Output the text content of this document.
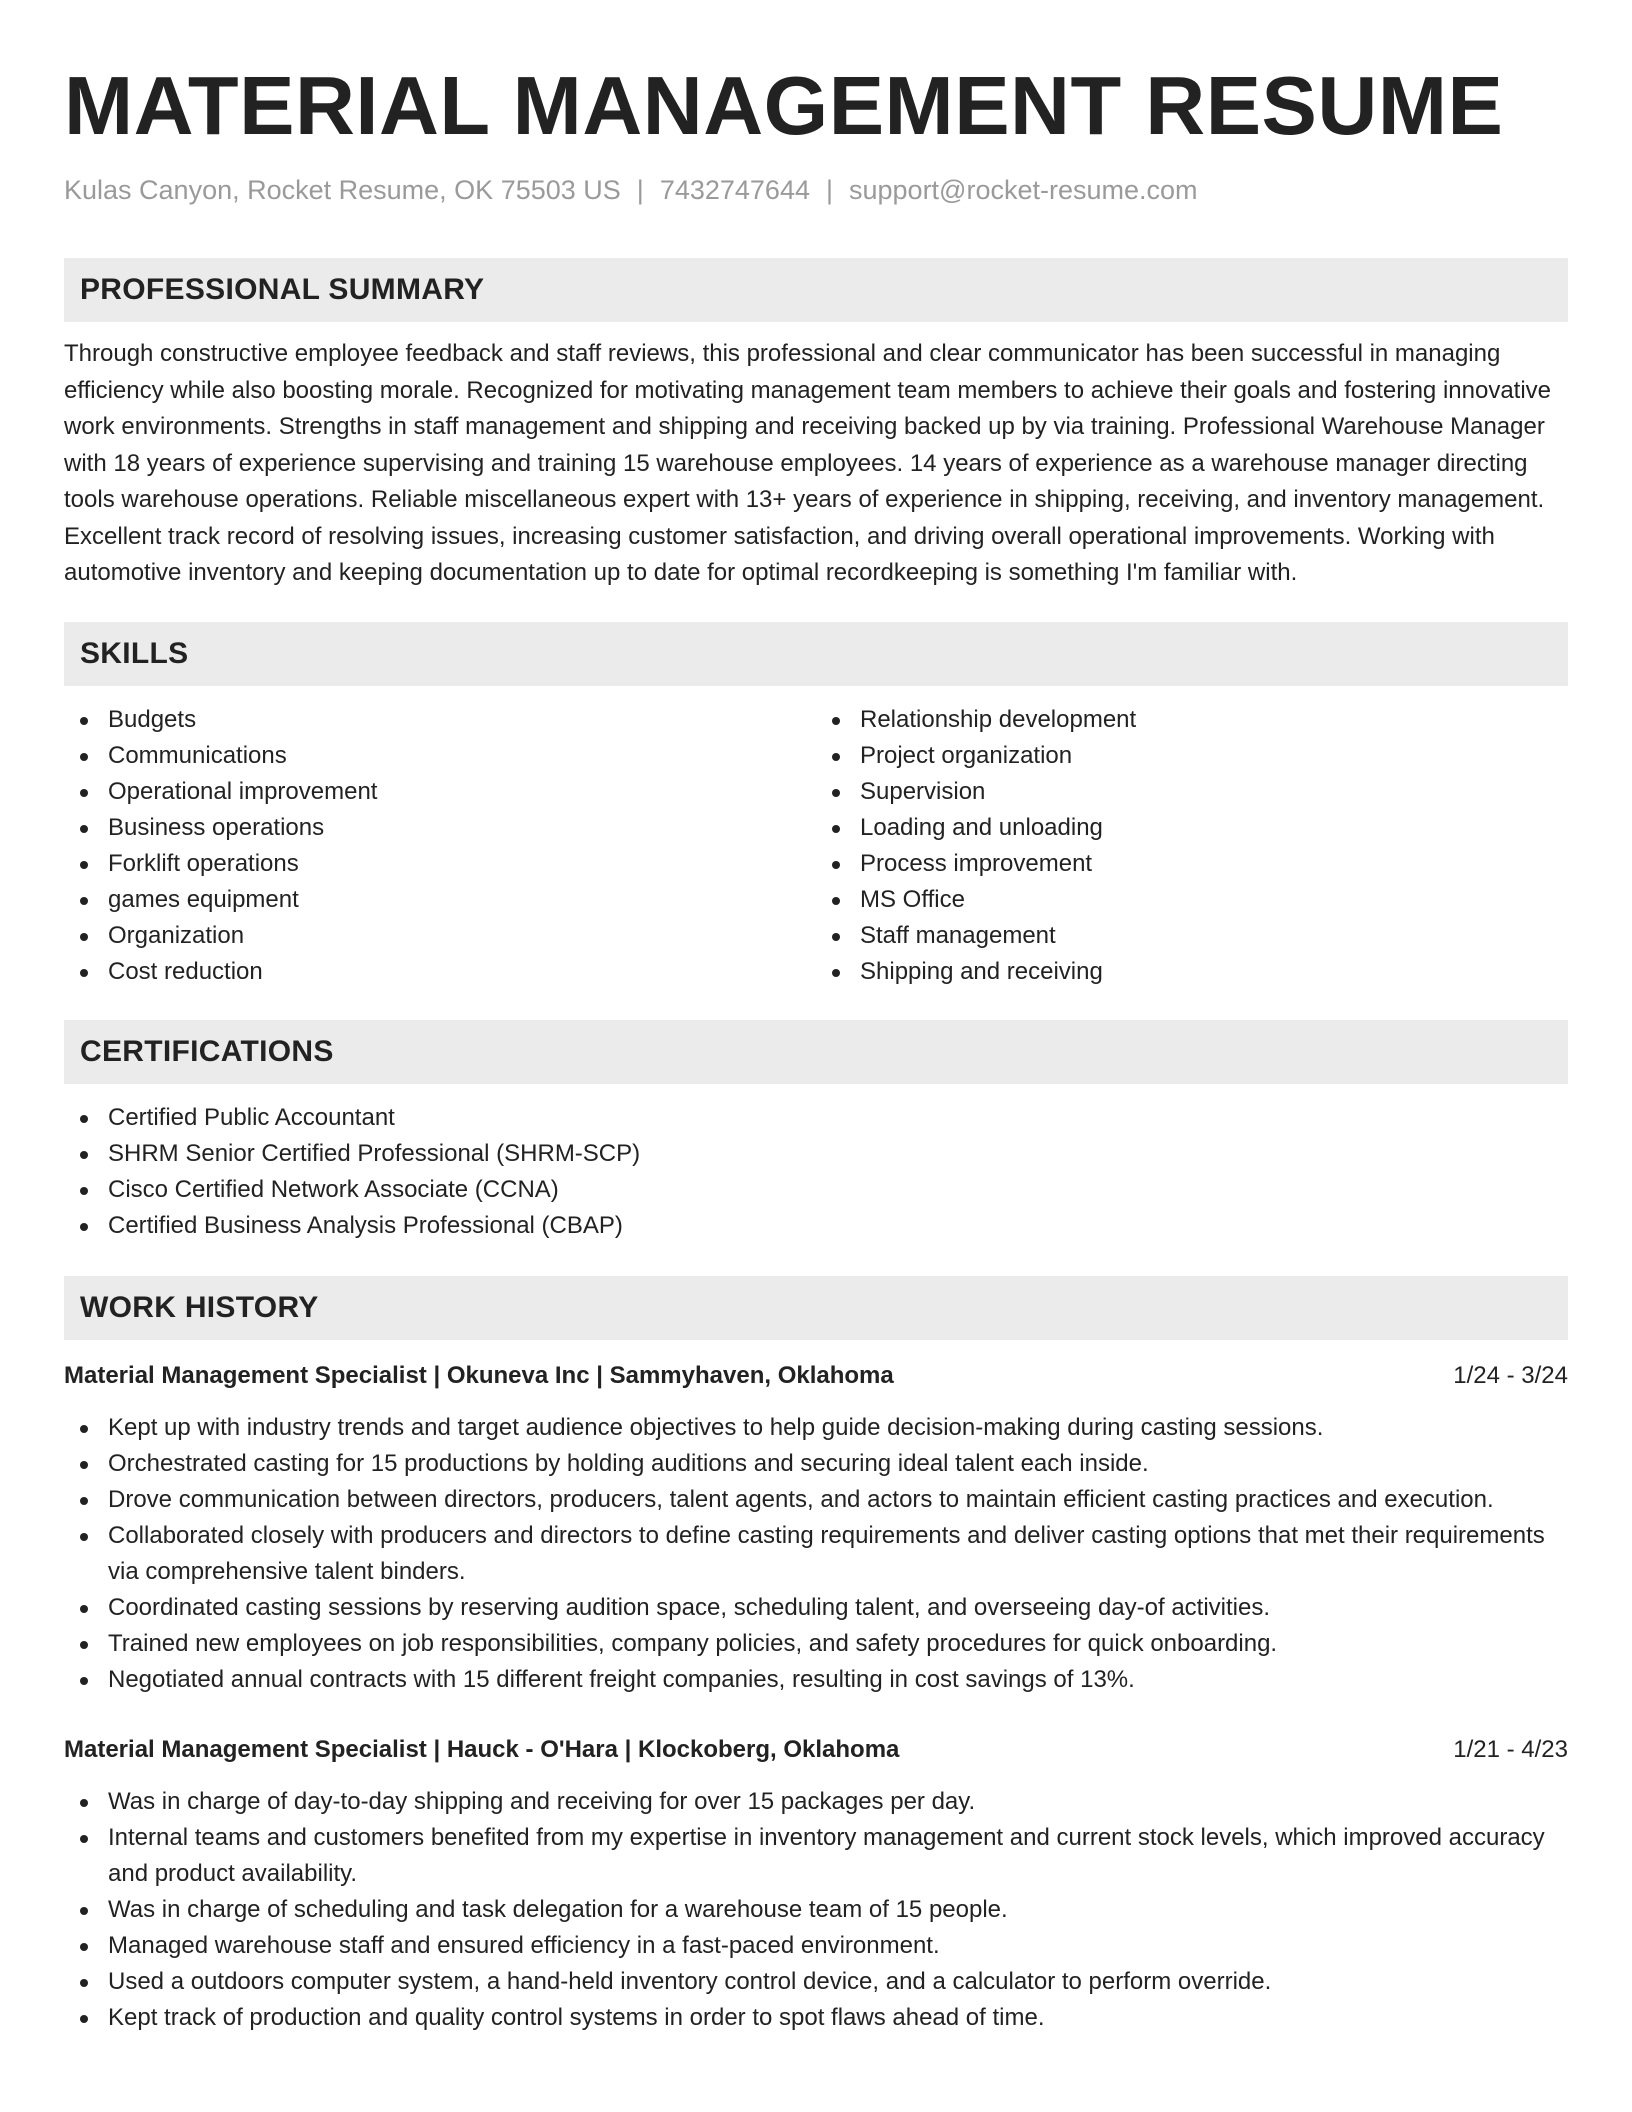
MATERIAL MANAGEMENT RESUME
Kulas Canyon, Rocket Resume, OK 75503 US | 7432747644 | support@rocket-resume.com
PROFESSIONAL SUMMARY
Through constructive employee feedback and staff reviews, this professional and clear communicator has been successful in managing efficiency while also boosting morale. Recognized for motivating management team members to achieve their goals and fostering innovative work environments. Strengths in staff management and shipping and receiving backed up by via training. Professional Warehouse Manager with 18 years of experience supervising and training 15 warehouse employees. 14 years of experience as a warehouse manager directing tools warehouse operations. Reliable miscellaneous expert with 13+ years of experience in shipping, receiving, and inventory management. Excellent track record of resolving issues, increasing customer satisfaction, and driving overall operational improvements. Working with automotive inventory and keeping documentation up to date for optimal recordkeeping is something I'm familiar with.
SKILLS
Budgets
Communications
Operational improvement
Business operations
Forklift operations
games equipment
Organization
Cost reduction
Relationship development
Project organization
Supervision
Loading and unloading
Process improvement
MS Office
Staff management
Shipping and receiving
CERTIFICATIONS
Certified Public Accountant
SHRM Senior Certified Professional (SHRM-SCP)
Cisco Certified Network Associate (CCNA)
Certified Business Analysis Professional (CBAP)
WORK HISTORY
Material Management Specialist | Okuneva Inc | Sammyhaven, Oklahoma	1/24 - 3/24
Kept up with industry trends and target audience objectives to help guide decision-making during casting sessions.
Orchestrated casting for 15 productions by holding auditions and securing ideal talent each inside.
Drove communication between directors, producers, talent agents, and actors to maintain efficient casting practices and execution.
Collaborated closely with producers and directors to define casting requirements and deliver casting options that met their requirements via comprehensive talent binders.
Coordinated casting sessions by reserving audition space, scheduling talent, and overseeing day-of activities.
Trained new employees on job responsibilities, company policies, and safety procedures for quick onboarding.
Negotiated annual contracts with 15 different freight companies, resulting in cost savings of 13%.
Material Management Specialist | Hauck - O'Hara | Klockoberg, Oklahoma	1/21 - 4/23
Was in charge of day-to-day shipping and receiving for over 15 packages per day.
Internal teams and customers benefited from my expertise in inventory management and current stock levels, which improved accuracy and product availability.
Was in charge of scheduling and task delegation for a warehouse team of 15 people.
Managed warehouse staff and ensured efficiency in a fast-paced environment.
Used a outdoors computer system, a hand-held inventory control device, and a calculator to perform override.
Kept track of production and quality control systems in order to spot flaws ahead of time.
